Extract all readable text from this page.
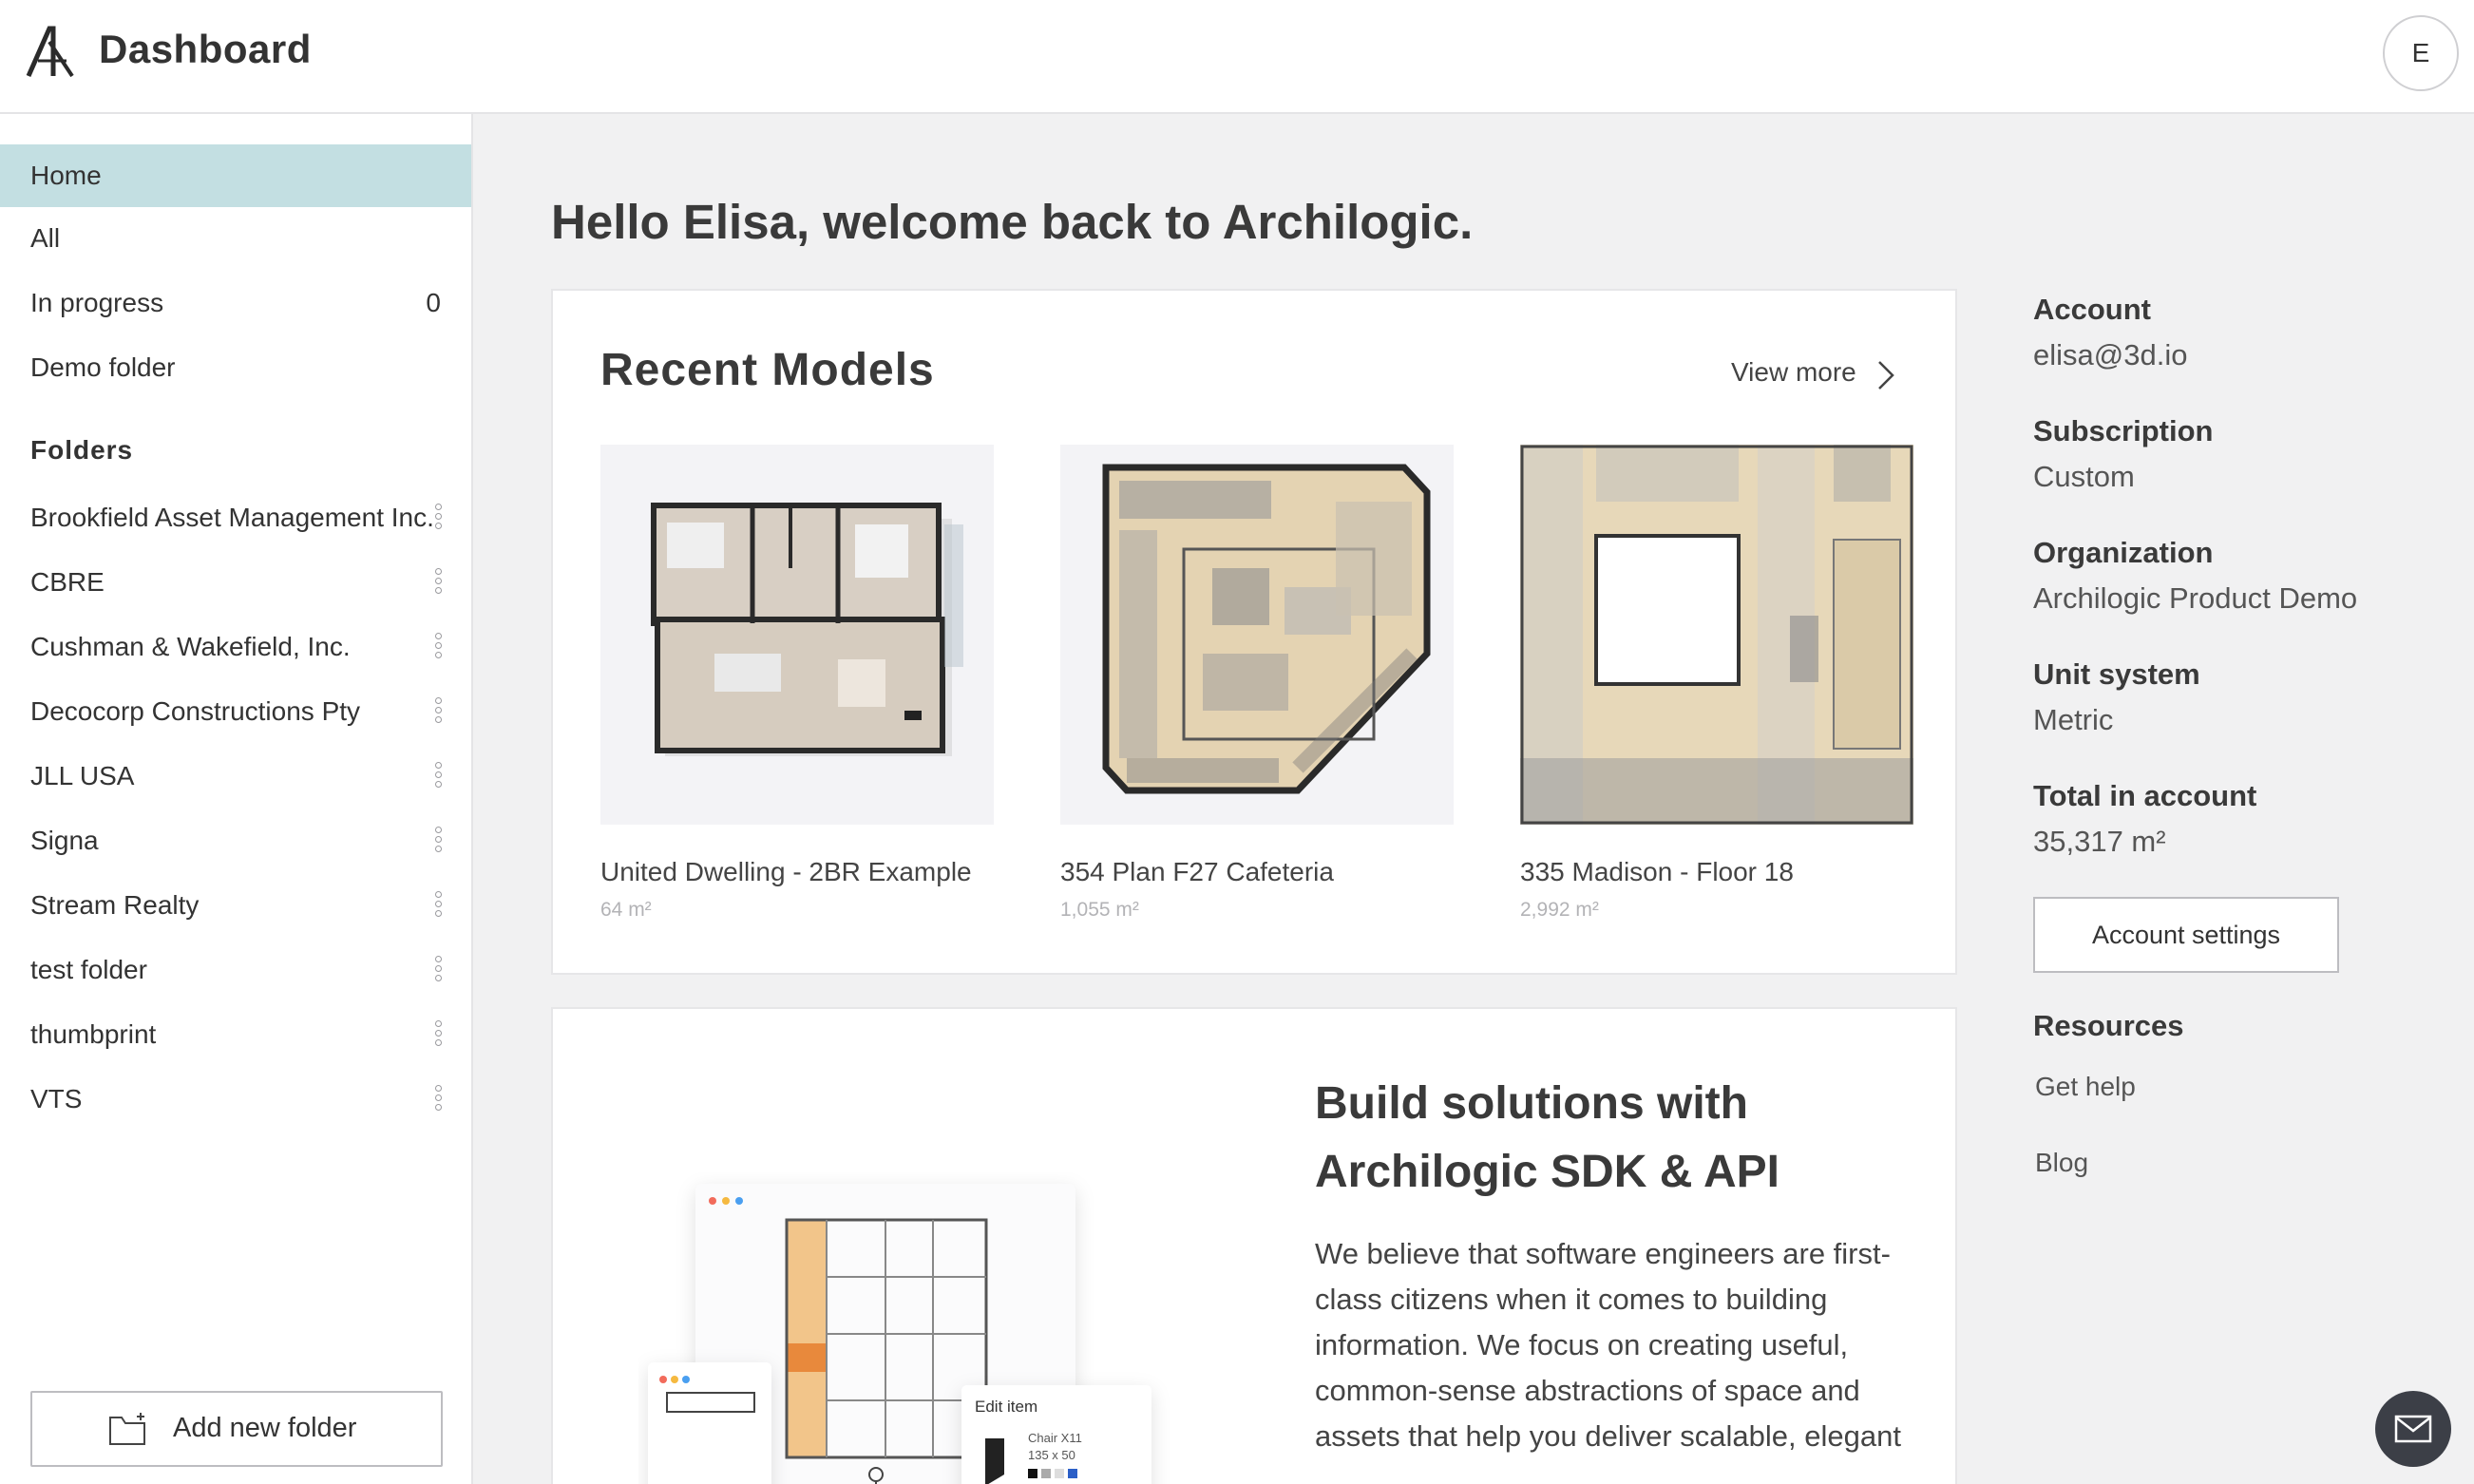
Dashboard	E
Home
All
In progress	0
Demo folder
Folders
Brookfield Asset Management Inc.
CBRE
Cushman & Wakefield, Inc.
Decocorp Constructions Pty
JLL USA
Signa
Stream Realty
test folder
thumbprint
VTS
Add new folder
Hello Elisa, welcome back to Archilogic.
Recent Models	View more
United Dwelling - 2BR Example
64 m²
354 Plan F27 Cafeteria
1,055 m²
335 Madison - Floor 18
2,992 m²
Edit item
Chair X11
135 x 50
Build solutions with Archilogic SDK & API
We believe that software engineers are first-class citizens when it comes to building information. We focus on creating useful, common-sense abstractions of space and assets that help you deliver scalable, elegant
Account
elisa@3d.io
Subscription
Custom
Organization
Archilogic Product Demo
Unit system
Metric
Total in account
35,317 m²
Account settings
Resources
Get help
Blog
